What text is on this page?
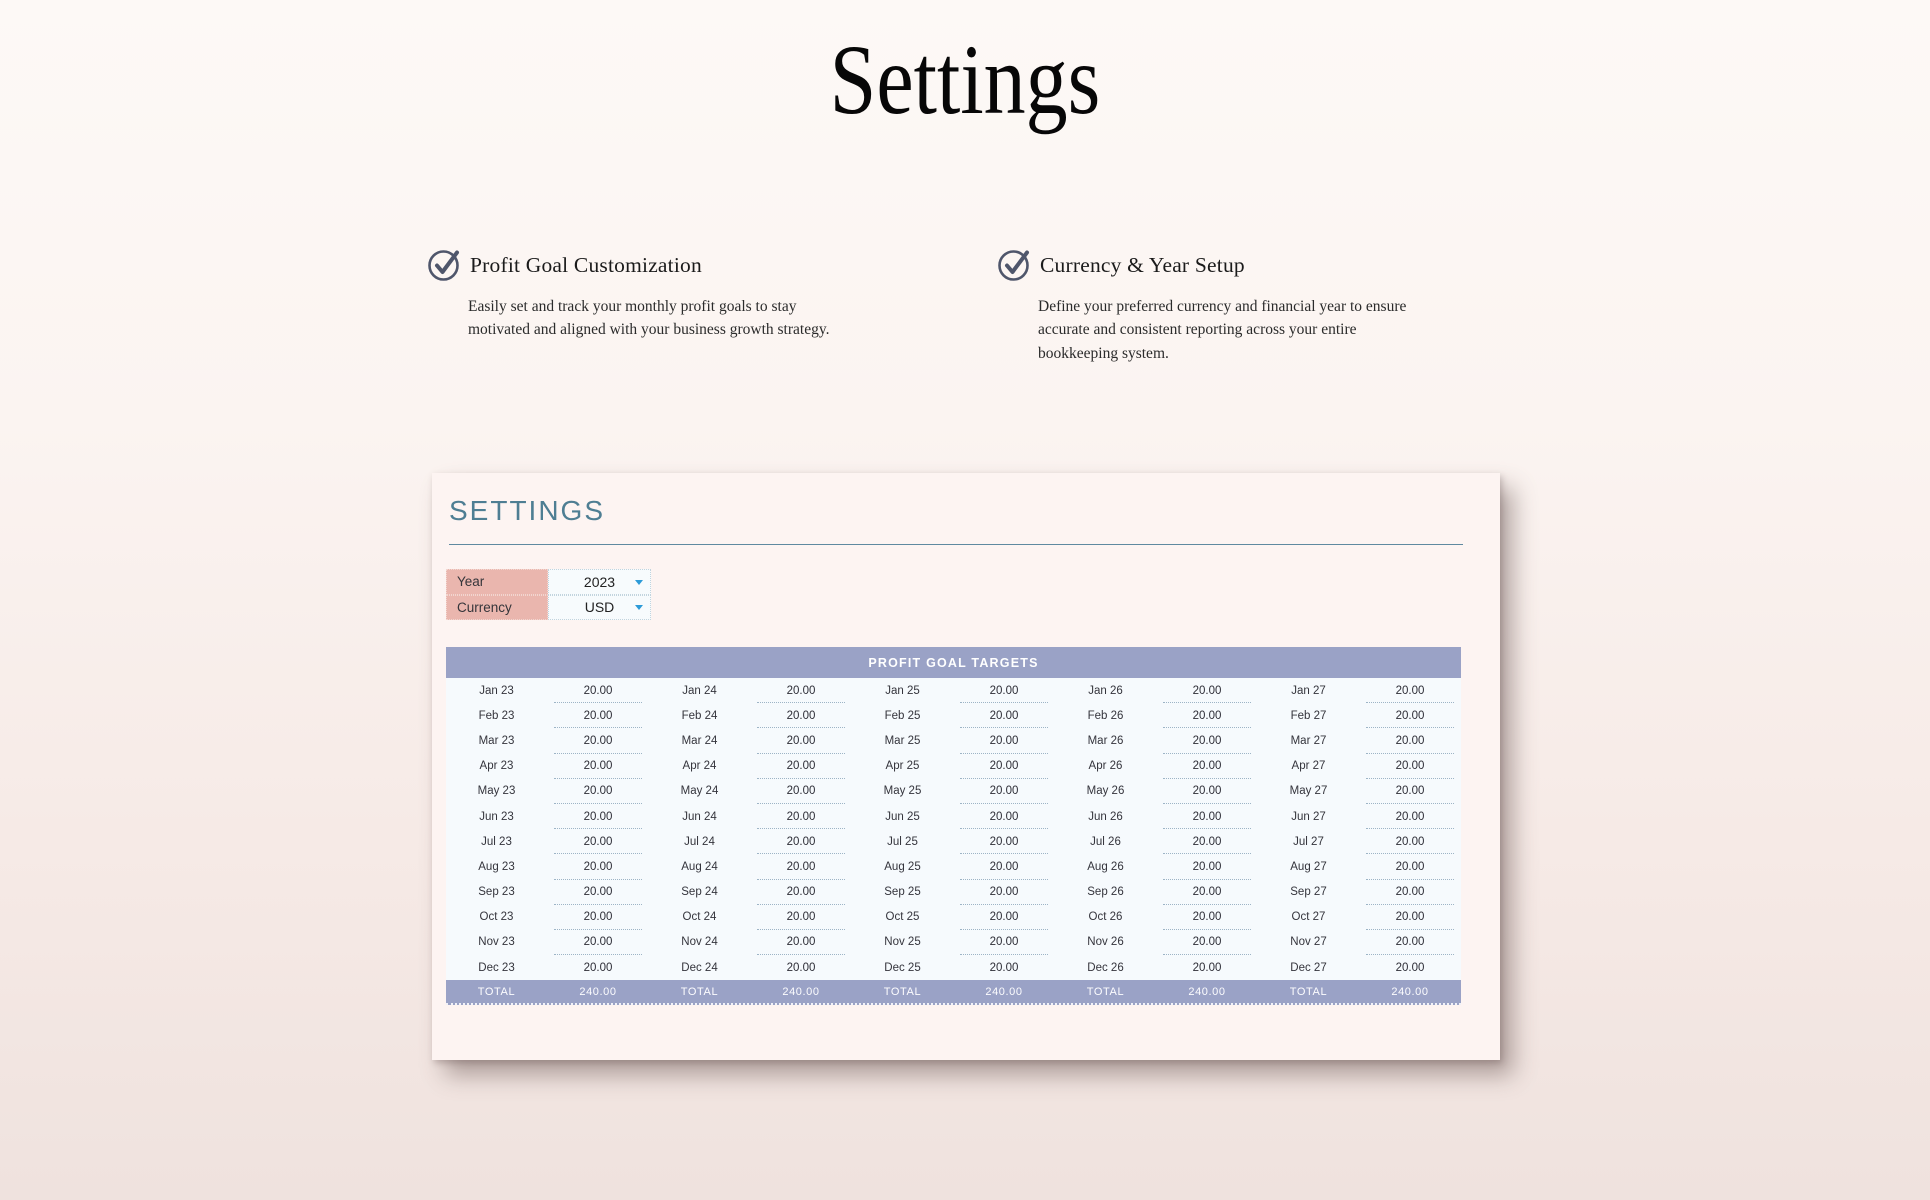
Settings
Profit Goal Customization
Easily set and track your monthly profit goals to stay motivated and aligned with your business growth strategy.
Currency & Year Setup
Define your preferred currency and financial year to ensure accurate and consistent reporting across your entire bookkeeping system.
SETTINGS
Year	2023
Currency	USD
PROFIT GOAL TARGETS
Jan 23	20.00	Jan 24	20.00	Jan 25	20.00	Jan 26	20.00	Jan 27	20.00
Feb 23	20.00	Feb 24	20.00	Feb 25	20.00	Feb 26	20.00	Feb 27	20.00
Mar 23	20.00	Mar 24	20.00	Mar 25	20.00	Mar 26	20.00	Mar 27	20.00
Apr 23	20.00	Apr 24	20.00	Apr 25	20.00	Apr 26	20.00	Apr 27	20.00
May 23	20.00	May 24	20.00	May 25	20.00	May 26	20.00	May 27	20.00
Jun 23	20.00	Jun 24	20.00	Jun 25	20.00	Jun 26	20.00	Jun 27	20.00
Jul 23	20.00	Jul 24	20.00	Jul 25	20.00	Jul 26	20.00	Jul 27	20.00
Aug 23	20.00	Aug 24	20.00	Aug 25	20.00	Aug 26	20.00	Aug 27	20.00
Sep 23	20.00	Sep 24	20.00	Sep 25	20.00	Sep 26	20.00	Sep 27	20.00
Oct 23	20.00	Oct 24	20.00	Oct 25	20.00	Oct 26	20.00	Oct 27	20.00
Nov 23	20.00	Nov 24	20.00	Nov 25	20.00	Nov 26	20.00	Nov 27	20.00
Dec 23	20.00	Dec 24	20.00	Dec 25	20.00	Dec 26	20.00	Dec 27	20.00
TOTAL	240.00	TOTAL	240.00	TOTAL	240.00	TOTAL	240.00	TOTAL	240.00
